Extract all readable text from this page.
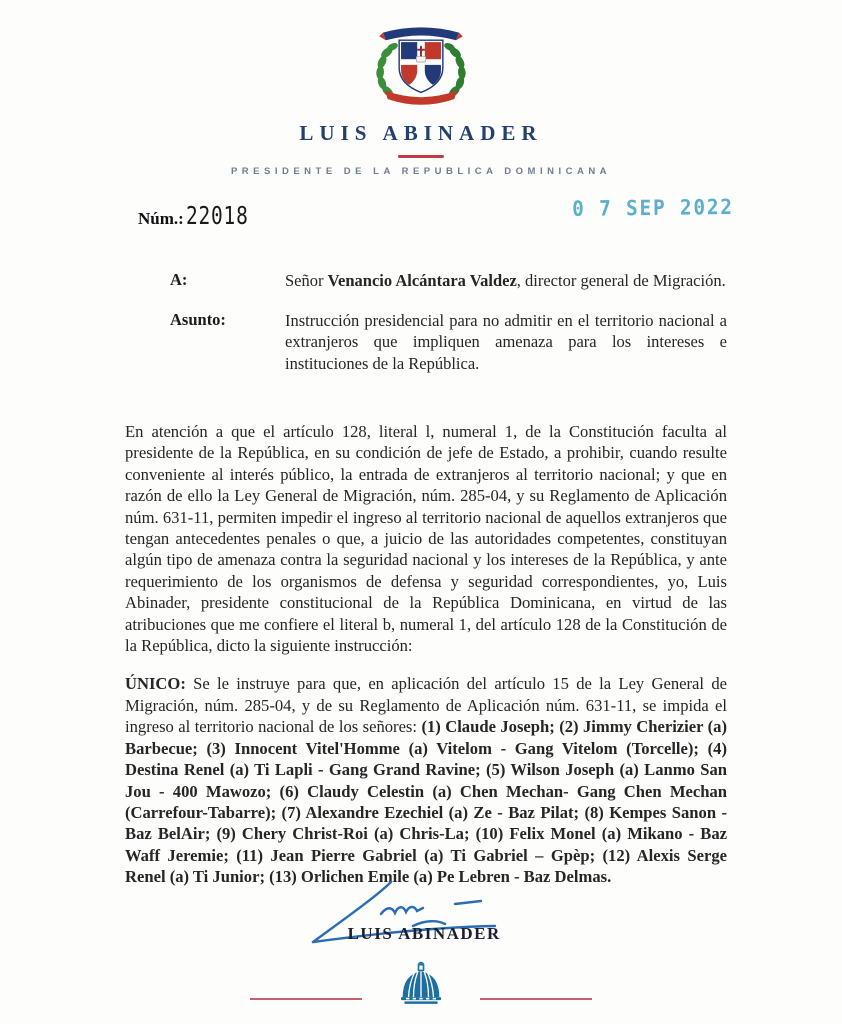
LUIS ABINADER
PRESIDENTE DE LA REPUBLICA DOMINICANA
Núm.: 22018	0 7 SEP 2022
A:	Señor Venancio Alcántara Valdez, director general de Migración.
Asunto:	Instrucción presidencial para no admitir en el territorio nacional a extranjeros que impliquen amenaza para los intereses e instituciones de la República.

En atención a que el artículo 128, literal l, numeral 1, de la Constitución faculta al presidente de la República, en su condición de jefe de Estado, a prohibir, cuando resulte conveniente al interés público, la entrada de extranjeros al territorio nacional; y que en razón de ello la Ley General de Migración, núm. 285-04, y su Reglamento de Aplicación núm. 631-11, permiten impedir el ingreso al territorio nacional de aquellos extranjeros que tengan antecedentes penales o que, a juicio de las autoridades competentes, constituyan algún tipo de amenaza contra la seguridad nacional y los intereses de la República, y ante requerimiento de los organismos de defensa y seguridad correspondientes, yo, Luis Abinader, presidente constitucional de la República Dominicana, en virtud de las atribuciones que me confiere el literal b, numeral 1, del artículo 128 de la Constitución de la República, dicto la siguiente instrucción:

ÚNICO: Se le instruye para que, en aplicación del artículo 15 de la Ley General de Migración, núm. 285-04, y de su Reglamento de Aplicación núm. 631-11, se impida el ingreso al territorio nacional de los señores: (1) Claude Joseph; (2) Jimmy Cherizier (a) Barbecue; (3) Innocent Vitel'Homme (a) Vitelom - Gang Vitelom (Torcelle); (4) Destina Renel (a) Ti Lapli - Gang Grand Ravine; (5) Wilson Joseph (a) Lanmo San Jou - 400 Mawozo; (6) Claudy Celestin (a) Chen Mechan- Gang Chen Mechan (Carrefour-Tabarre); (7) Alexandre Ezechiel (a) Ze - Baz Pilat; (8) Kempes Sanon - Baz BelAir; (9) Chery Christ-Roi (a) Chris-La; (10) Felix Monel (a) Mikano - Baz Waff Jeremie; (11) Jean Pierre Gabriel (a) Ti Gabriel – Gpèp; (12) Alexis Serge Renel (a) Ti Junior; (13) Orlichen Emile (a) Pe Lebren - Baz Delmas.

LUIS ABINADER
